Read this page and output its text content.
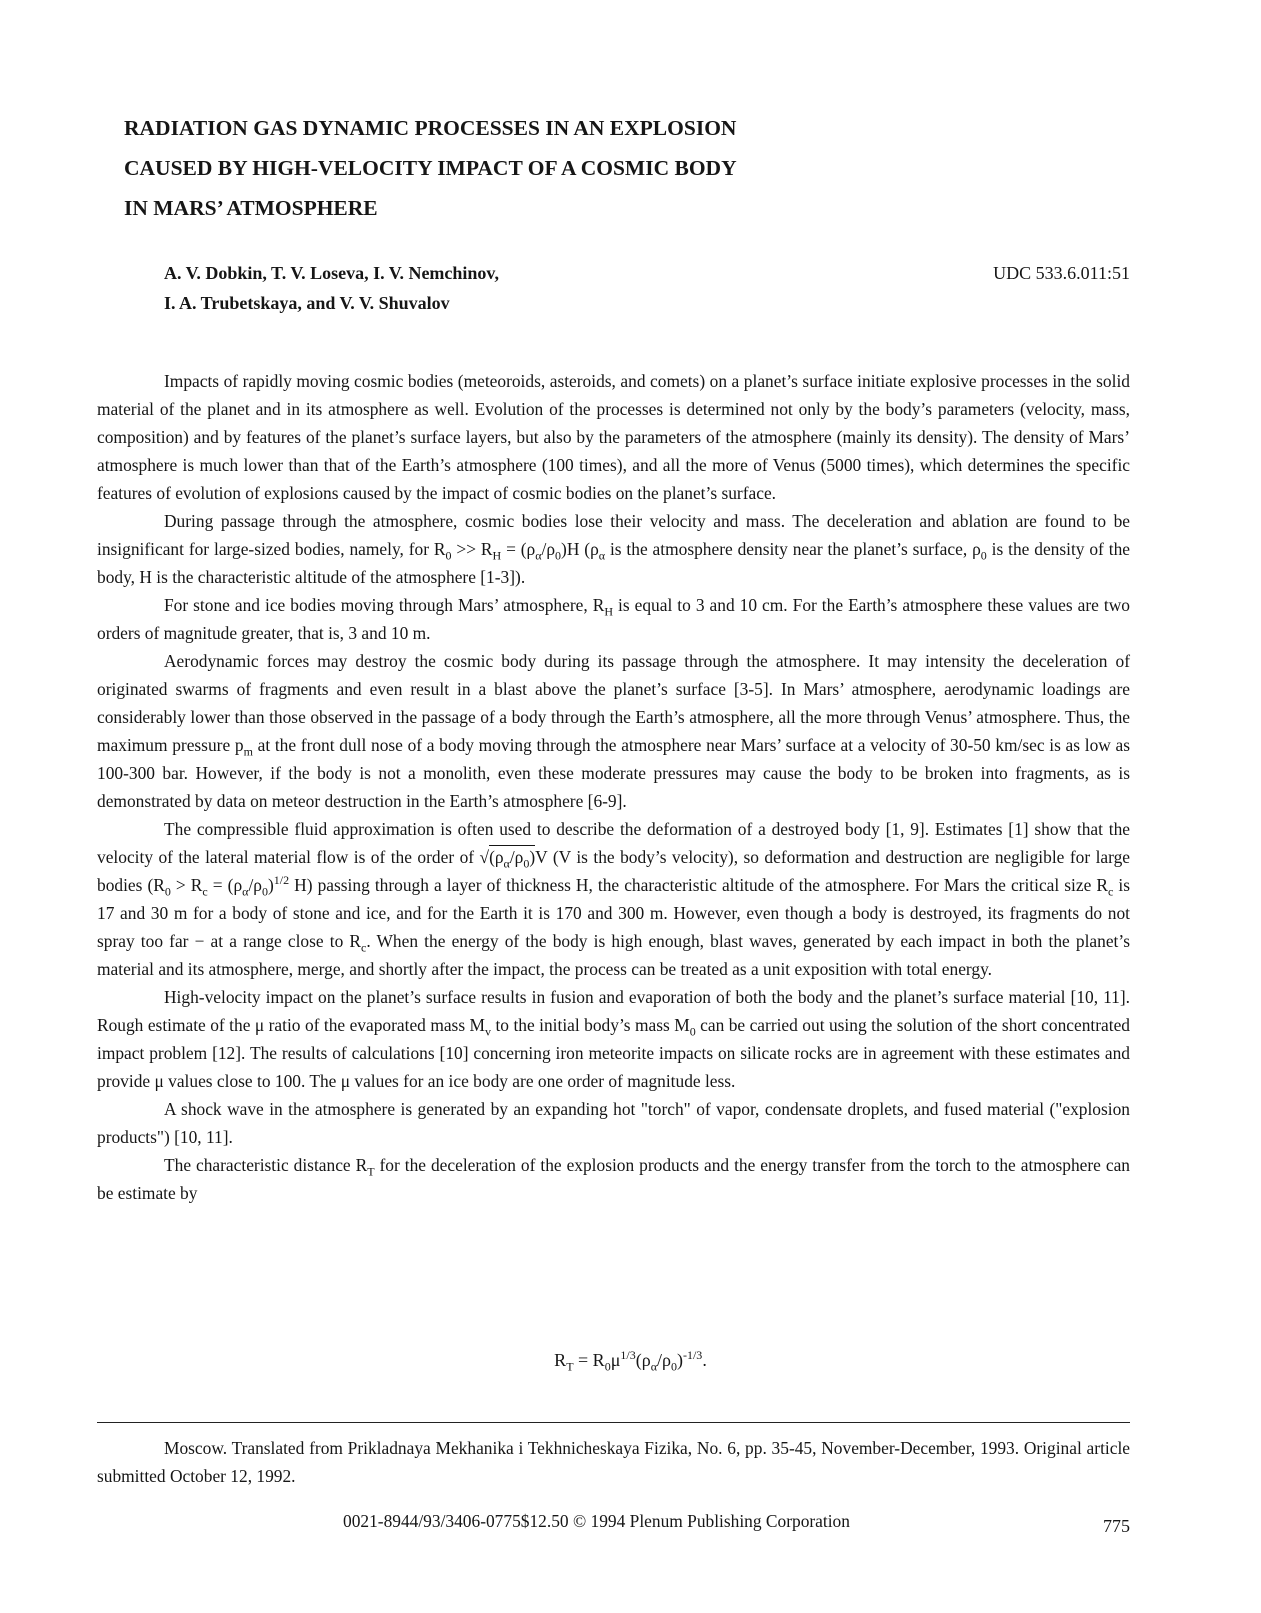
RADIATION GAS DYNAMIC PROCESSES IN AN EXPLOSION
CAUSED BY HIGH-VELOCITY IMPACT OF A COSMIC BODY
IN MARS’ ATMOSPHERE
A. V. Dobkin, T. V. Loseva, I. V. Nemchinov,
I. A. Trubetskaya, and V. V. Shuvalov
UDC 533.6.011:51

Impacts of rapidly moving cosmic bodies (meteoroids, asteroids, and comets) on a planet’s surface initiate explosive processes in the solid material of the planet and in its atmosphere as well. Evolution of the processes is determined not only by the body’s parameters (velocity, mass, composition) and by features of the planet’s surface layers, but also by the parameters of the atmosphere (mainly its density). The density of Mars’ atmosphere is much lower than that of the Earth’s atmosphere (100 times), and all the more of Venus (5000 times), which determines the specific features of evolution of explosions caused by the impact of cosmic bodies on the planet’s surface.

During passage through the atmosphere, cosmic bodies lose their velocity and mass. The deceleration and ablation are found to be insignificant for large-sized bodies, namely, for $R_0 >> R_H = (\rho_\alpha/\rho_0)H$ ($\rho_\alpha$ is the atmosphere density near the planet’s surface, $\rho_0$ is the density of the body, H is the characteristic altitude of the atmosphere [1-3]).

For stone and ice bodies moving through Mars’ atmosphere, $R_H$ is equal to 3 and 10 cm. For the Earth’s atmosphere these values are two orders of magnitude greater, that is, 3 and 10 m.

Aerodynamic forces may destroy the cosmic body during its passage through the atmosphere. It may intensity the deceleration of originated swarms of fragments and even result in a blast above the planet’s surface [3-5]. In Mars’ atmosphere, aerodynamic loadings are considerably lower than those observed in the passage of a body through the Earth’s atmosphere, all the more through Venus’ atmosphere. Thus, the maximum pressure $p_m$ at the front dull nose of a body moving through the atmosphere near Mars’ surface at a velocity of 30-50 km/sec is as low as 100-300 bar. However, if the body is not a monolith, even these moderate pressures may cause the body to be broken into fragments, as is demonstrated by data on meteor destruction in the Earth’s atmosphere [6-9].

The compressible fluid approximation is often used to describe the deformation of a destroyed body [1, 9]. Estimates [1] show that the velocity of the lateral material flow is of the order of $√(\rho_\alpha/\rho_0)V$ (V is the body’s velocity), so deformation and destruction are negligible for large bodies ($R_0 > R_c = (\rho_\alpha/\rho_0)^{1/2}$ H) passing through a layer of thickness H, the characteristic altitude of the atmosphere. For Mars the critical size $R_c$ is 17 and 30 m for a body of stone and ice, and for the Earth it is 170 and 300 m. However, even though a body is destroyed, its fragments do not spray too far − at a range close to $R_c$. When the energy of the body is high enough, blast waves, generated by each impact in both the planet’s material and its atmosphere, merge, and shortly after the impact, the process can be treated as a unit exposition with total energy.

High-velocity impact on the planet’s surface results in fusion and evaporation of both the body and the planet’s surface material [10, 11]. Rough estimate of the μ ratio of the evaporated mass $M_v$ to the initial body’s mass $M_0$ can be carried out using the solution of the short concentrated impact problem [12]. The results of calculations [10] concerning iron meteorite impacts on silicate rocks are in agreement with these estimates and provide μ values close to 100. The μ values for an ice body are one order of magnitude less.

A shock wave in the atmosphere is generated by an expanding hot "torch" of vapor, condensate droplets, and fused material ("explosion products") [10, 11].

The characteristic distance $R_T$ for the deceleration of the explosion products and the energy transfer from the torch to the atmosphere can be estimate by

$R_T = R_0\mu^{1/3}(\rho_\alpha/\rho_0)^{-1/3}$.

Moscow. Translated from Prikladnaya Mekhanika i Tekhnicheskaya Fizika, No. 6, pp. 35-45, November-December, 1993. Original article submitted October 12, 1992.

0021-8944/93/3406-0775$12.50 © 1994 Plenum Publishing Corporation	775
